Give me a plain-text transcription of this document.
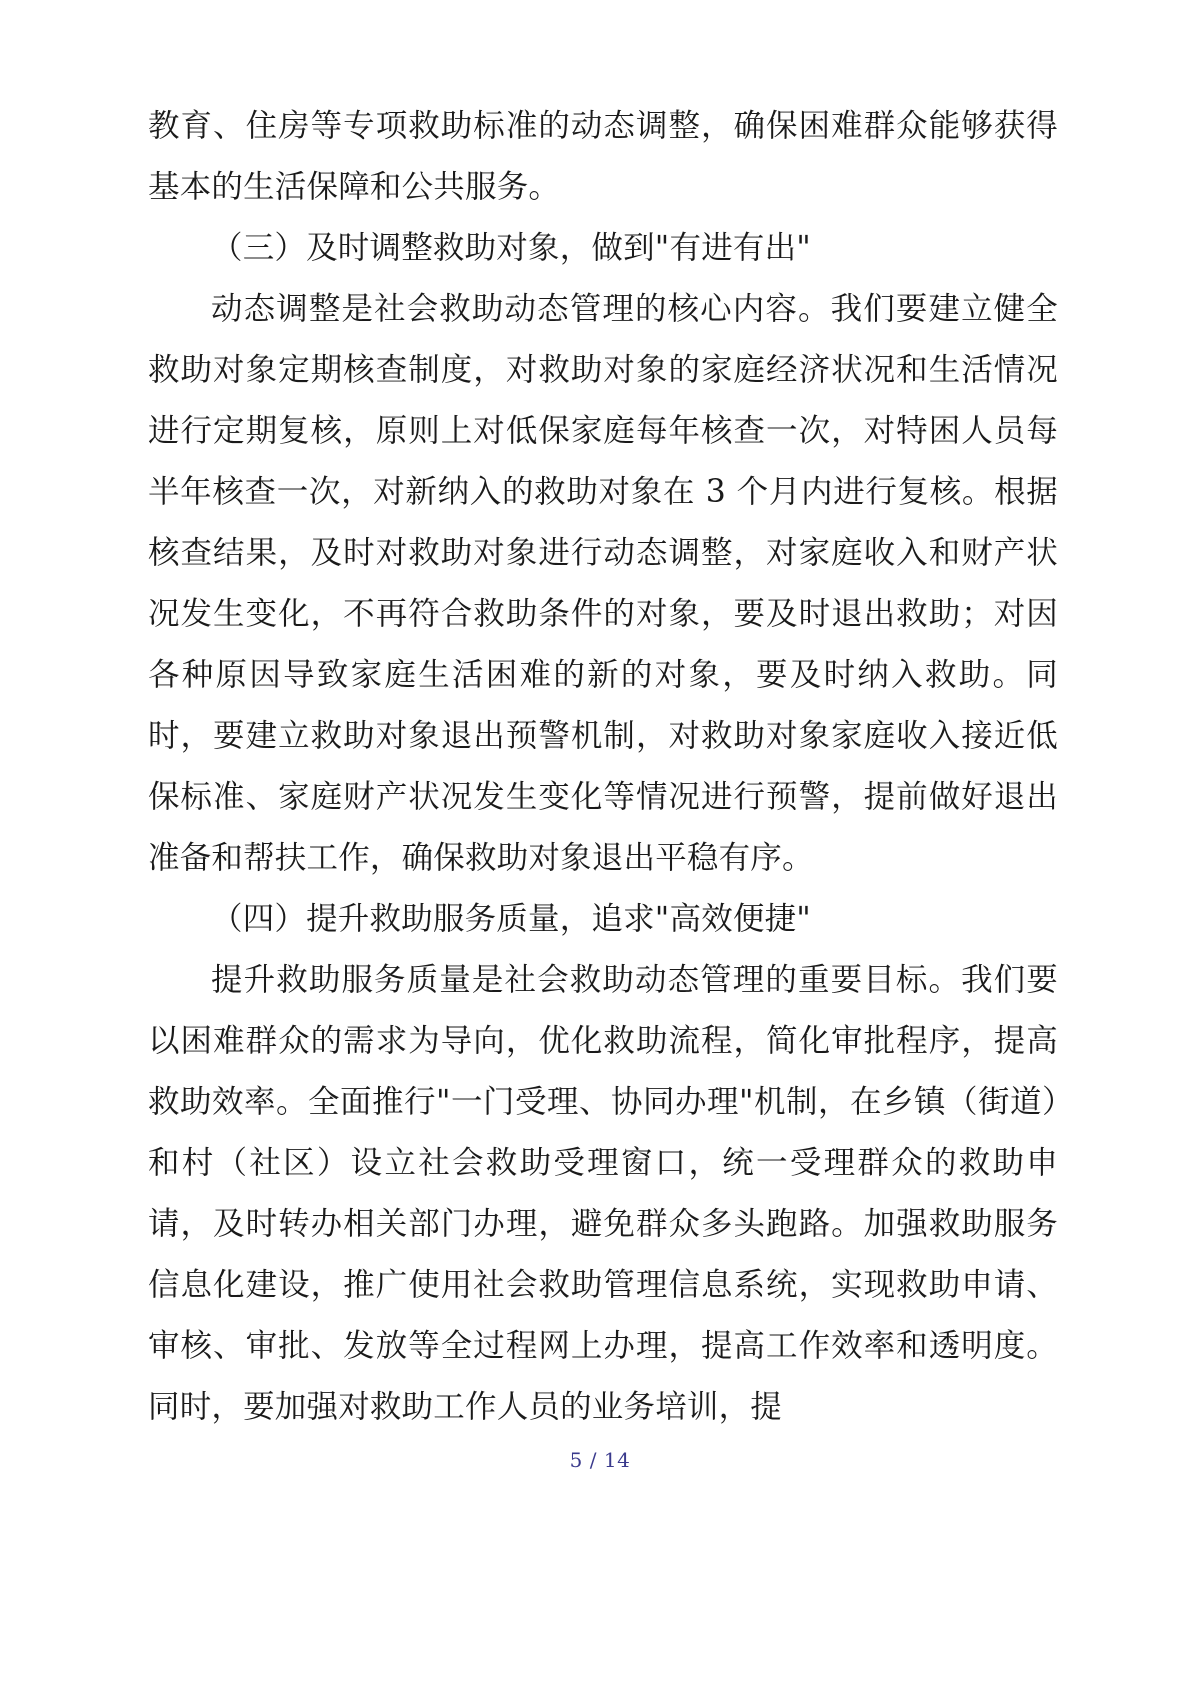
教育、住房等专项救助标准的动态调整，确保困难群众能够获得基本的生活保障和公共服务。

（三）及时调整救助对象，做到"有进有出"

动态调整是社会救助动态管理的核心内容。我们要建立健全救助对象定期核查制度，对救助对象的家庭经济状况和生活情况进行定期复核，原则上对低保家庭每年核查一次，对特困人员每半年核查一次，对新纳入的救助对象在 3 个月内进行复核。根据核查结果，及时对救助对象进行动态调整，对家庭收入和财产状况发生变化，不再符合救助条件的对象，要及时退出救助；对因各种原因导致家庭生活困难的新的对象，要及时纳入救助。同时，要建立救助对象退出预警机制，对救助对象家庭收入接近低保标准、家庭财产状况发生变化等情况进行预警，提前做好退出准备和帮扶工作，确保救助对象退出平稳有序。

（四）提升救助服务质量，追求"高效便捷"

提升救助服务质量是社会救助动态管理的重要目标。我们要以困难群众的需求为导向，优化救助流程，简化审批程序，提高救助效率。全面推行"一门受理、协同办理"机制，在乡镇（街道）和村（社区）设立社会救助受理窗口，统一受理群众的救助申请，及时转办相关部门办理，避免群众多头跑路。加强救助服务信息化建设，推广使用社会救助管理信息系统，实现救助申请、审核、审批、发放等全过程网上办理，提高工作效率和透明度。同时，要加强对救助工作人员的业务培训，提

5 / 14
